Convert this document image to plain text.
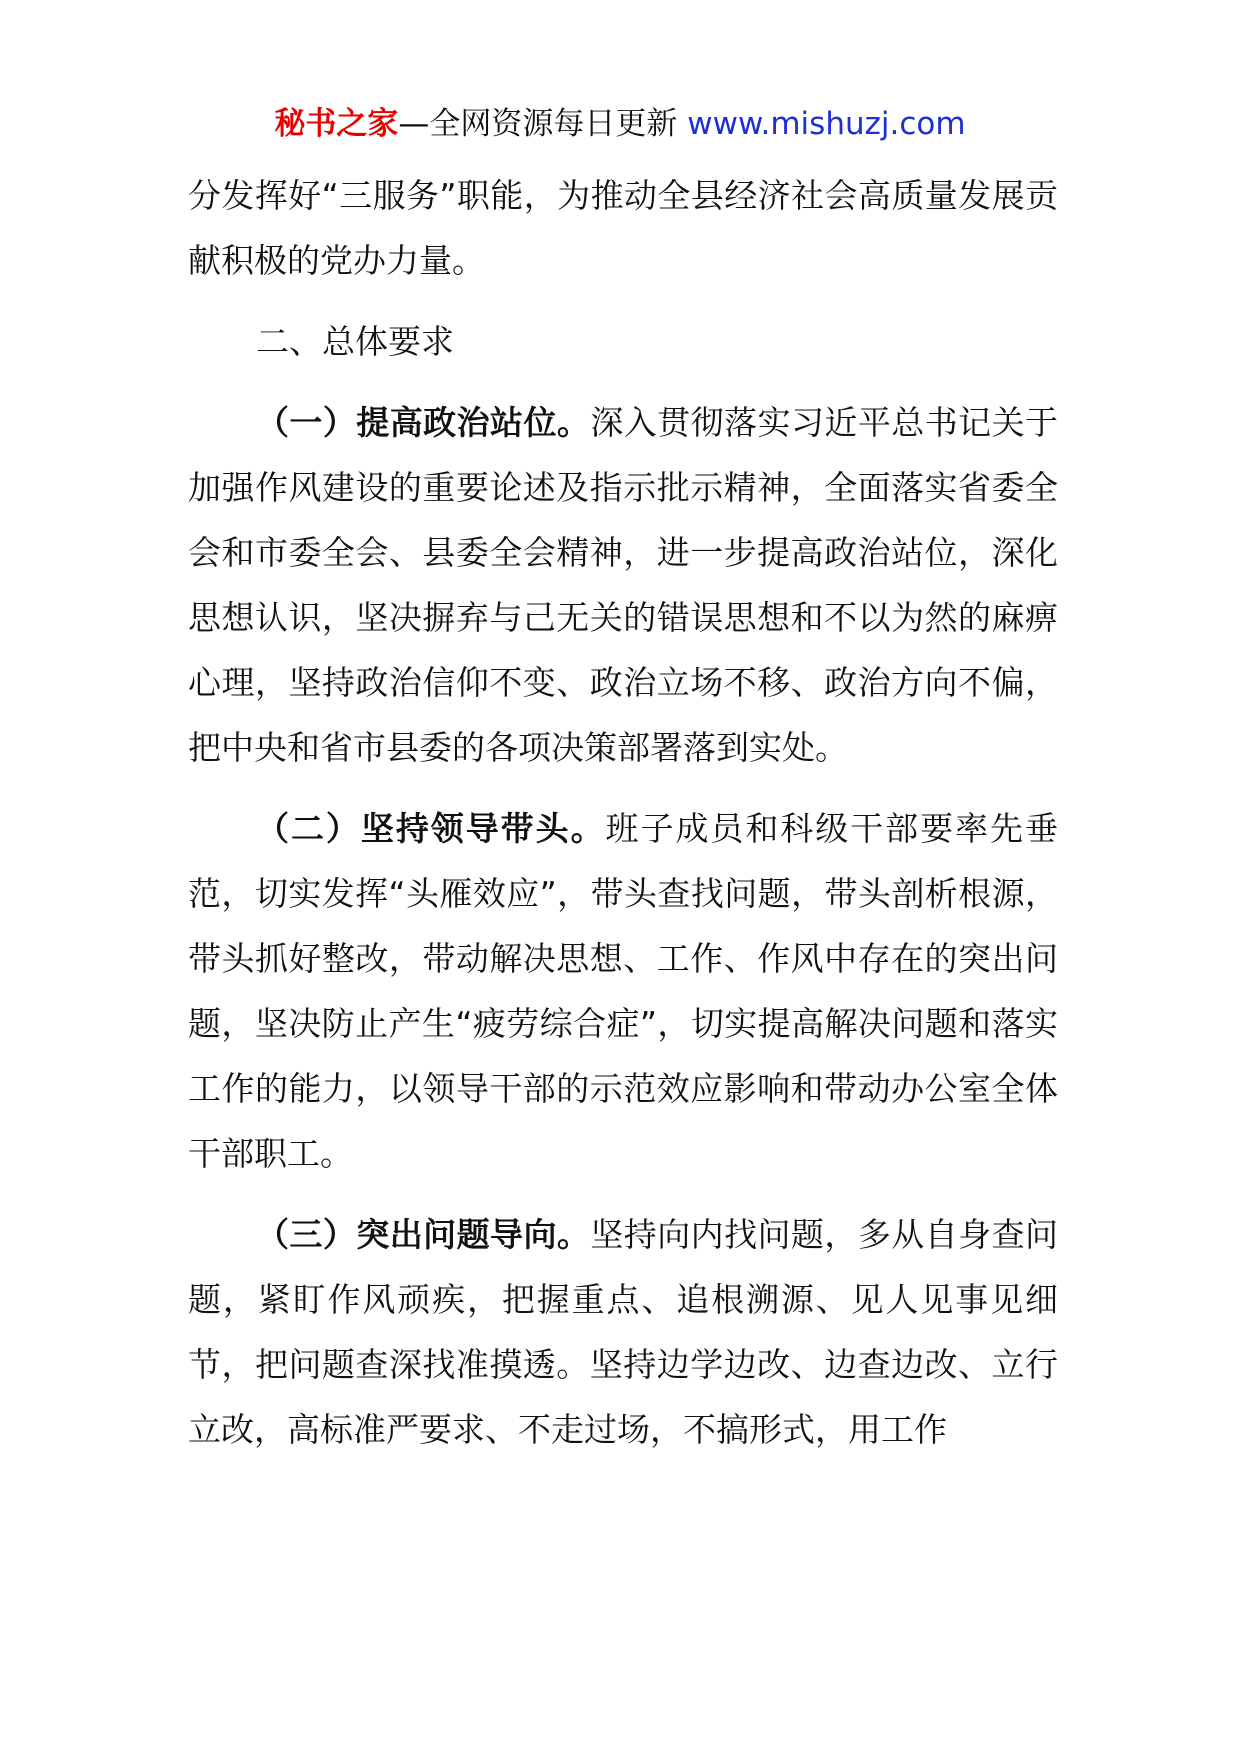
秘书之家—全网资源每日更新 www.mishuzj.com

分发挥好“三服务”职能，为推动全县经济社会高质量发展贡献积极的党办力量。

二、总体要求

（一）提高政治站位。深入贯彻落实习近平总书记关于加强作风建设的重要论述及指示批示精神，全面落实省委全会和市委全会、县委全会精神，进一步提高政治站位，深化思想认识，坚决摒弃与己无关的错误思想和不以为然的麻痹心理，坚持政治信仰不变、政治立场不移、政治方向不偏，把中央和省市县委的各项决策部署落到实处。

（二）坚持领导带头。班子成员和科级干部要率先垂范，切实发挥“头雁效应”，带头查找问题，带头剖析根源，带头抓好整改，带动解决思想、工作、作风中存在的突出问题，坚决防止产生“疲劳综合症”，切实提高解决问题和落实工作的能力，以领导干部的示范效应影响和带动办公室全体干部职工。

（三）突出问题导向。坚持向内找问题，多从自身查问题，紧盯作风顽疾，把握重点、追根溯源、见人见事见细节，把问题查深找准摸透。坚持边学边改、边查边改、立行立改，高标准严要求、不走过场，不搞形式，用工作
